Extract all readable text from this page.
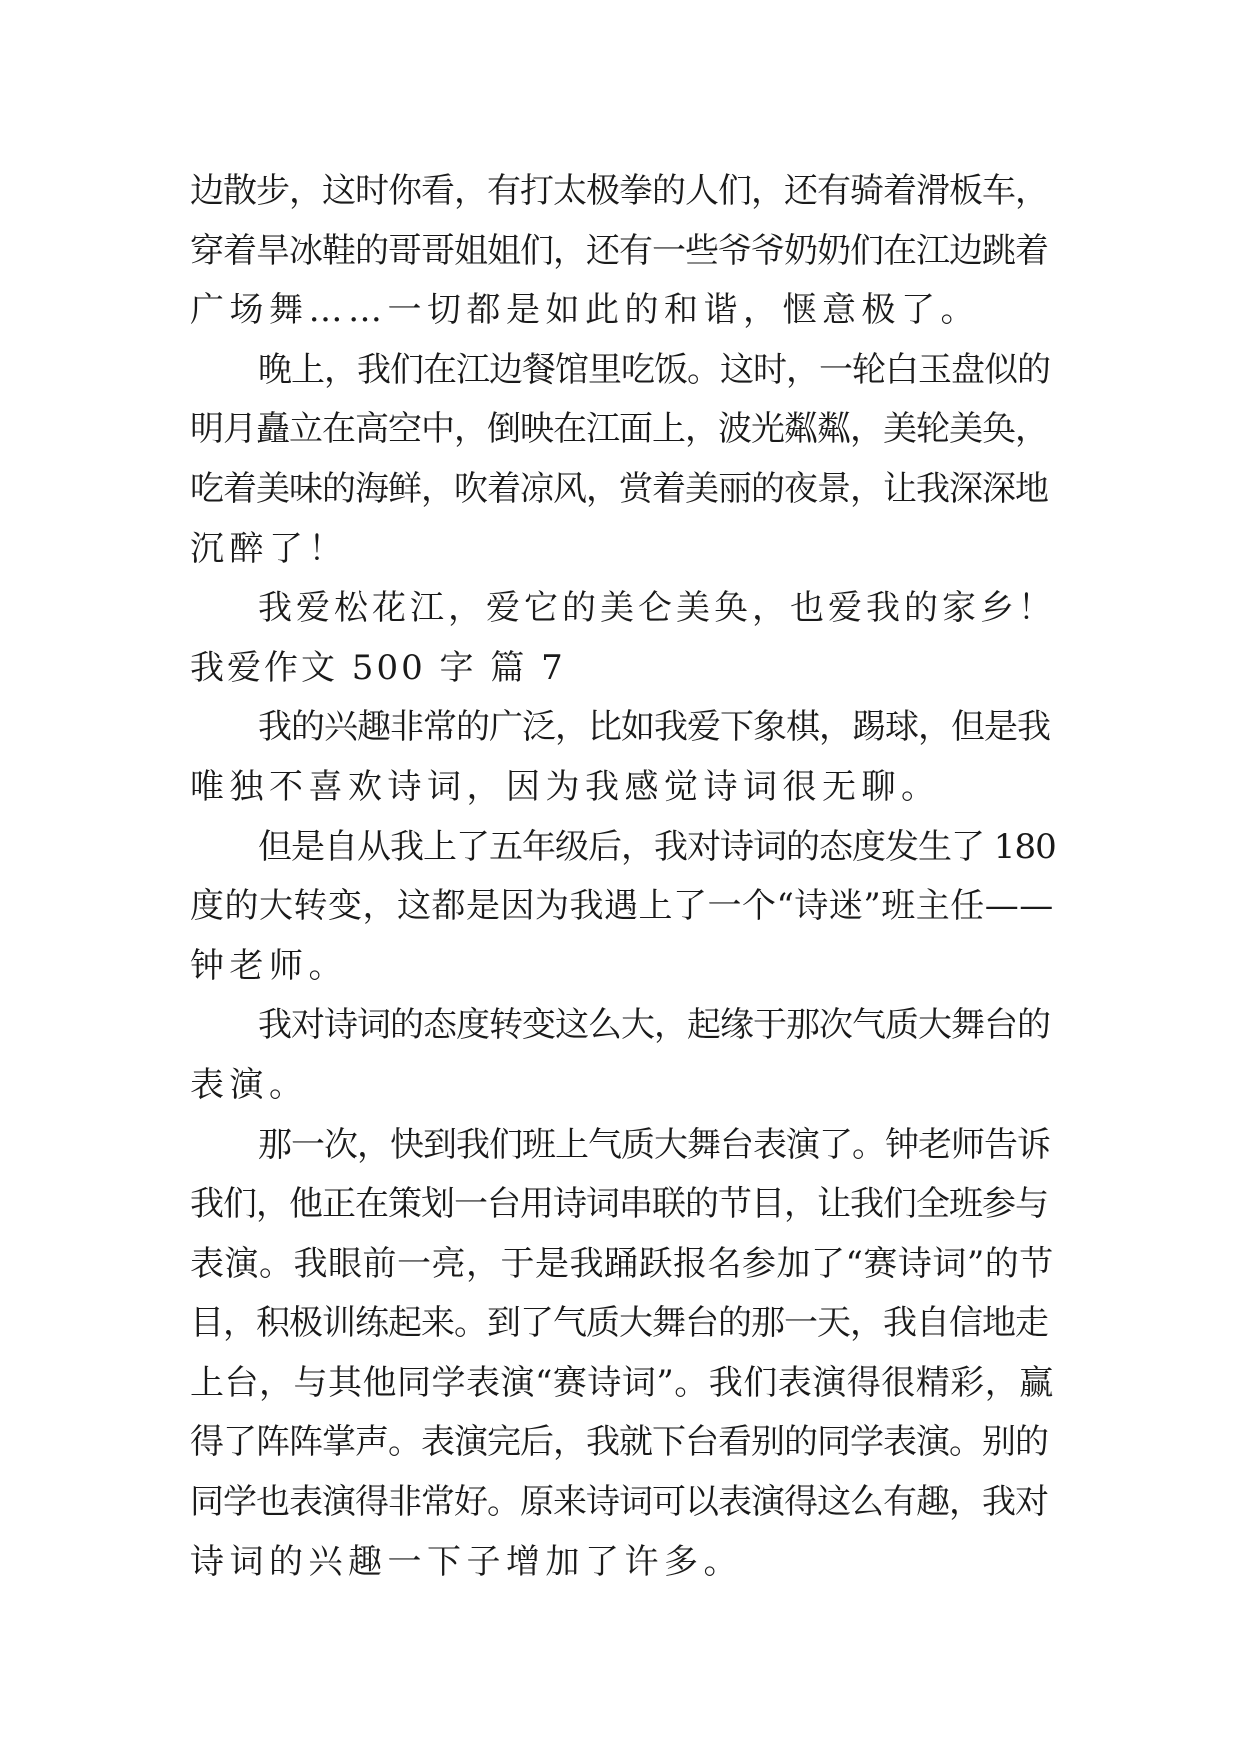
边散步，这时你看，有打太极拳的人们，还有骑着滑板车，
穿着旱冰鞋的哥哥姐姐们，还有一些爷爷奶奶们在江边跳着
广场舞……一切都是如此的和谐，惬意极了。
晚上，我们在江边餐馆里吃饭。这时，一轮白玉盘似的
明月矗立在高空中，倒映在江面上，波光粼粼，美轮美奂，
吃着美味的海鲜，吹着凉风，赏着美丽的夜景，让我深深地
沉醉了！
我爱松花江，爱它的美仑美奂，也爱我的家乡！
我爱作文 500 字 篇 7
我的兴趣非常的广泛，比如我爱下象棋，踢球，但是我
唯独不喜欢诗词，因为我感觉诗词很无聊。
但是自从我上了五年级后，我对诗词的态度发生了 180
度的大转变，这都是因为我遇上了一个“诗迷”班主任——
钟老师。
我对诗词的态度转变这么大，起缘于那次气质大舞台的
表演。
那一次，快到我们班上气质大舞台表演了。钟老师告诉
我们，他正在策划一台用诗词串联的节目，让我们全班参与
表演。我眼前一亮，于是我踊跃报名参加了“赛诗词”的节
目，积极训练起来。到了气质大舞台的那一天，我自信地走
上台，与其他同学表演“赛诗词”。我们表演得很精彩，赢
得了阵阵掌声。表演完后，我就下台看别的同学表演。别的
同学也表演得非常好。原来诗词可以表演得这么有趣，我对
诗词的兴趣一下子增加了许多。
